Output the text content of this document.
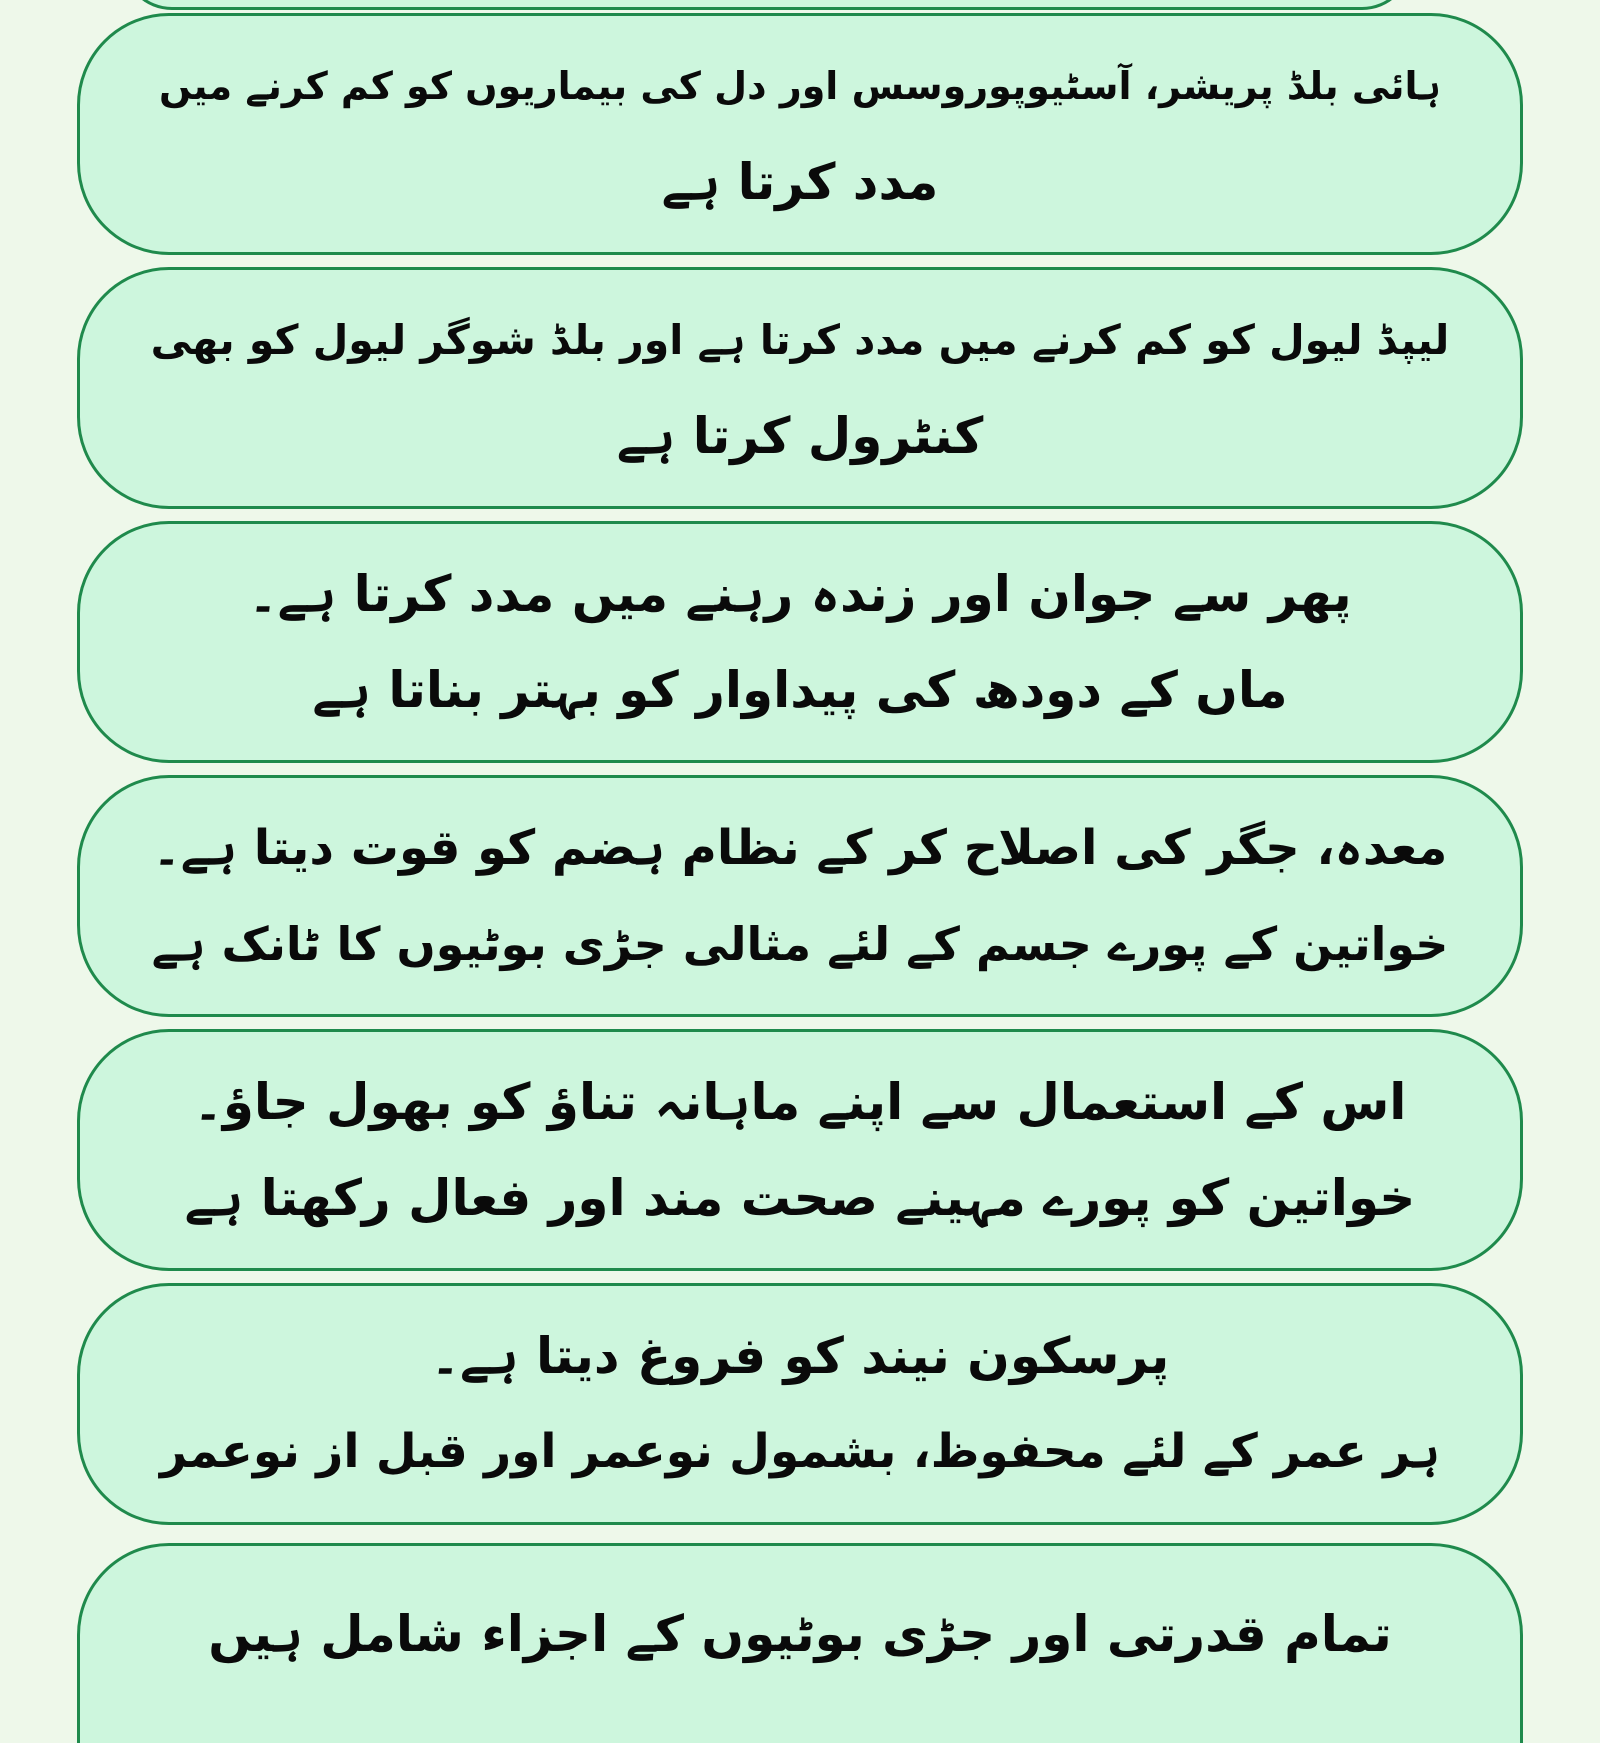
ہائی بلڈ پریشر، آسٹیوپوروسس اور دل کی بیماریوں کو کم کرنے میں
مدد کرتا ہے
لیپڈ لیول کو کم کرنے میں مدد کرتا ہے اور بلڈ شوگر لیول کو بھی
کنٹرول کرتا ہے
پھر سے جوان اور زندہ رہنے میں مدد کرتا ہے۔
ماں کے دودھ کی پیداوار کو بہتر بناتا ہے
معدہ، جگر کی اصلاح کر کے نظام ہضم کو قوت دیتا ہے۔
خواتین کے پورے جسم کے لئے مثالی جڑی بوٹیوں کا ٹانک ہے
اس کے استعمال سے اپنے ماہانہ تناؤ کو بھول جاؤ۔
خواتین کو پورے مہینے صحت مند اور فعال رکھتا ہے
پرسکون نیند کو فروغ دیتا ہے۔
ہر عمر کے لئے محفوظ، بشمول نوعمر اور قبل از نوعمر
تمام قدرتی اور جڑی بوٹیوں کے اجزاء شامل ہیں
